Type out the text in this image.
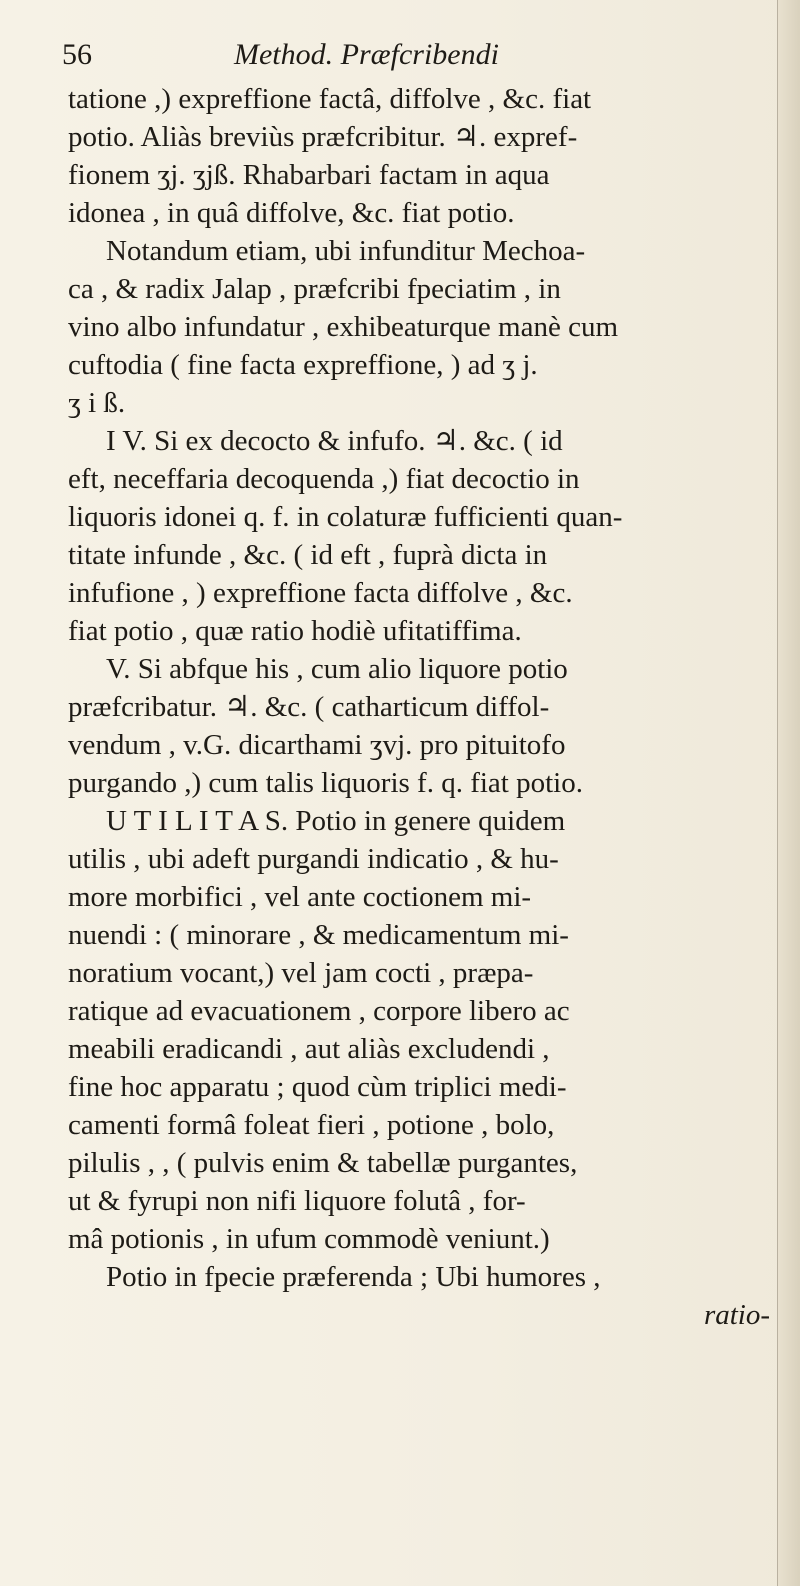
56	Method. Præfcribendi
tatione ,) expreffione factâ, diffolve , &c. fiat
potio. Aliàs breviùs præfcribitur. ♃. expref-
fionem ʒj. ʒjß. Rhabarbari factam in aqua
idonea , in quâ diffolve, &c. fiat potio.
Notandum etiam, ubi infunditur Mechoa-
ca , & radix Jalap , præfcribi fpeciatim , in
vino albo infundatur , exhibeaturque manè cum
cuftodia ( fine facta expreffione, ) ad ʒ j.
ʒ i ß.
I V. Si ex decocto & infufo. ♃. &c. ( id
eft, neceffaria decoquenda ,) fiat decoctio in
liquoris idonei q. f. in colaturæ fufficienti quan-
titate infunde , &c. ( id eft , fuprà dicta in
infufione , ) expreffione facta diffolve , &c.
fiat potio , quæ ratio hodiè ufitatiffima.
V. Si abfque his , cum alio liquore potio
præfcribatur. ♃. &c. ( catharticum diffol-
vendum , v.G. dicarthami ʒvj. pro pituitofo
purgando ,) cum talis liquoris f. q. fiat potio.
U T I L I T A S. Potio in genere quidem
utilis , ubi adeft purgandi indicatio , & hu-
more morbifici , vel ante coctionem mi-
nuendi : ( minorare , & medicamentum mi-
noratium vocant,) vel jam cocti , præpa-
ratique ad evacuationem , corpore libero ac
meabili eradicandi , aut aliàs excludendi ,
fine hoc apparatu ; quod cùm triplici medi-
camenti formâ foleat fieri , potione , bolo,
pilulis , , ( pulvis enim & tabellæ purgantes,
ut & fyrupi non nifi liquore folutâ , for-
mâ potionis , in ufum commodè veniunt.)
Potio in fpecie præferenda ; Ubi humores ,
ratio-
